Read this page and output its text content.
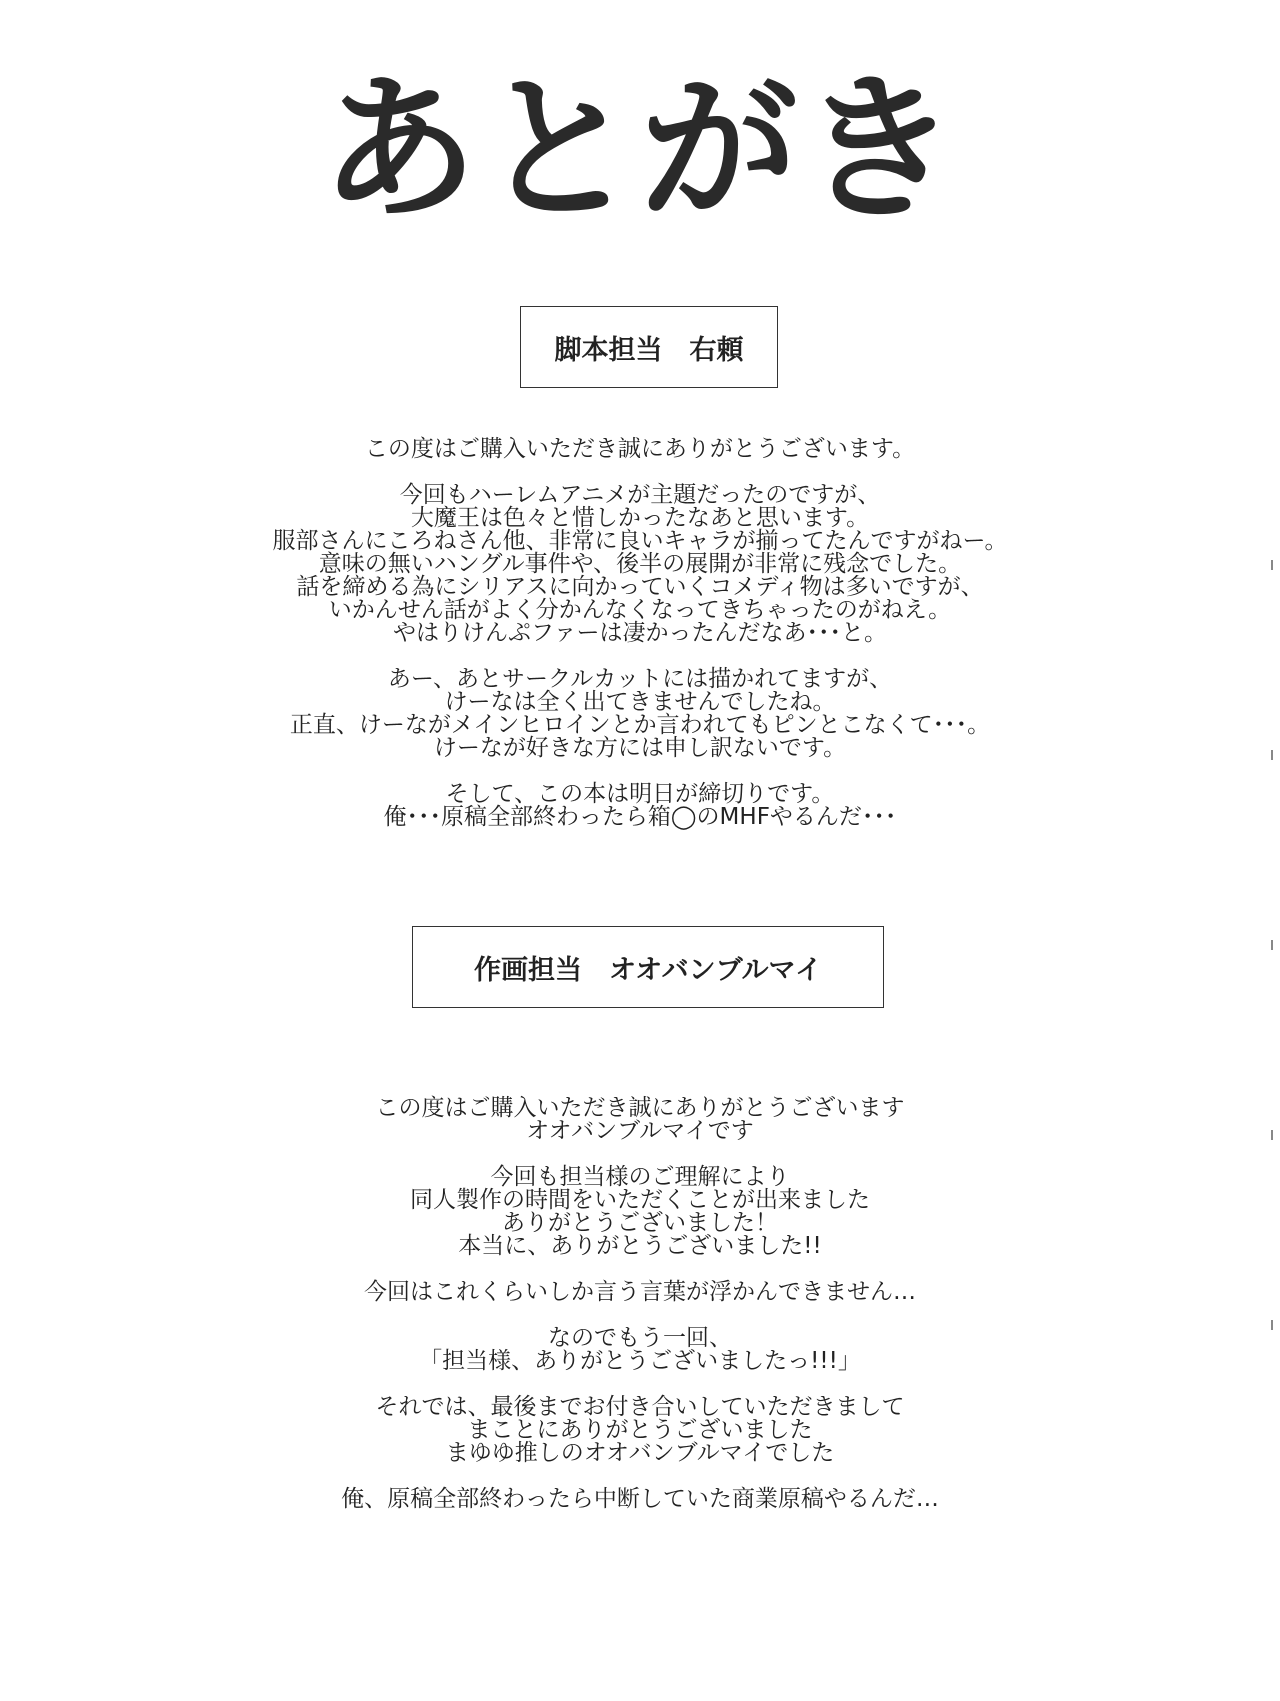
あとがき
脚本担当　右頼
この度はご購入いただき誠にありがとうございます。
今回もハーレムアニメが主題だったのですが、
大魔王は色々と惜しかったなあと思います。
服部さんにころねさん他、非常に良いキャラが揃ってたんですがねー。
意味の無いハングル事件や、後半の展開が非常に残念でした。
話を締める為にシリアスに向かっていくコメディ物は多いですが、
いかんせん話がよく分かんなくなってきちゃったのがねえ。
やはりけんぷファーは凄かったんだなあ･･･と。
あー、あとサークルカットには描かれてますが、
けーなは全く出てきませんでしたね。
正直、けーながメインヒロインとか言われてもピンとこなくて･･･。
けーなが好きな方には申し訳ないです。
そして、この本は明日が締切りです。
俺･･･原稿全部終わったら箱◯のMHFやるんだ･･･
作画担当　オオバンブルマイ
この度はご購入いただき誠にありがとうございます
オオバンブルマイです
今回も担当様のご理解により
同人製作の時間をいただくことが出来ました
ありがとうございました！
本当に、ありがとうございました!!
今回はこれくらいしか言う言葉が浮かんできません…
なのでもう一回、
「担当様、ありがとうございましたっ!!!」
それでは、最後までお付き合いしていただきまして
まことにありがとうございました
まゆゆ推しのオオバンブルマイでした
俺、原稿全部終わったら中断していた商業原稿やるんだ…
